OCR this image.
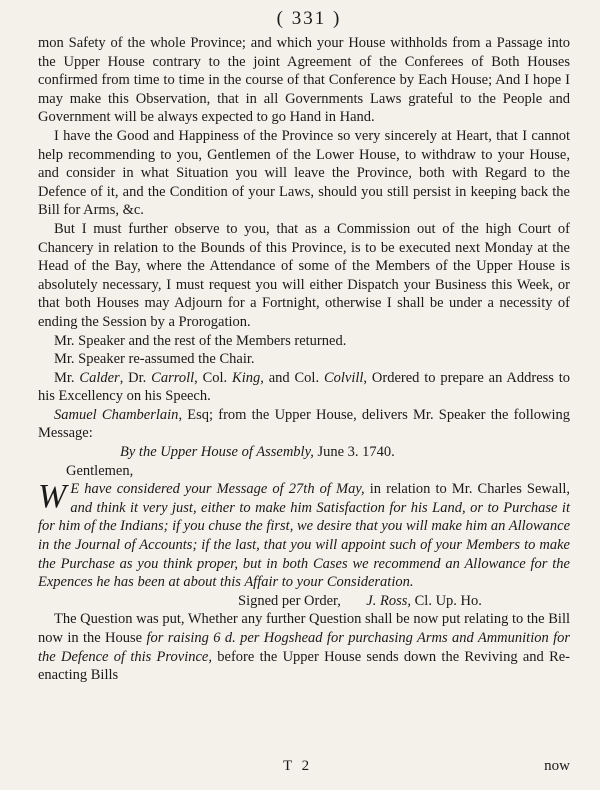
( 331 )

mon Safety of the whole Province; and which your House withholds from a Passage into the Upper House contrary to the joint Agreement of the Conferees of Both Houses confirmed from time to time in the course of that Conference by Each House; And I hope I may make this Observation, that in all Governments Laws grateful to the People and Government will be always expected to go Hand in Hand.

I have the Good and Happiness of the Province so very sincerely at Heart, that I cannot help recommending to you, Gentlemen of the Lower House, to withdraw to your House, and consider in what Situation you will leave the Province, both with Regard to the Defence of it, and the Condition of your Laws, should you still persist in keeping back the Bill for Arms, &c.

But I must further observe to you, that as a Commission out of the high Court of Chancery in relation to the Bounds of this Province, is to be executed next Monday at the Head of the Bay, where the Attendance of some of the Members of the Upper House is absolutely necessary, I must request you will either Dispatch your Business this Week, or that both Houses may Adjourn for a Fortnight, otherwise I shall be under a necessity of ending the Session by a Prorogation.

Mr. Speaker and the rest of the Members returned.

Mr. Speaker re-assumed the Chair.

Mr. Calder, Dr. Carroll, Col. King, and Col. Colvill, Ordered to prepare an Address to his Excellency on his Speech.

Samuel Chamberlain, Esq; from the Upper House, delivers Mr. Speaker the following Message:

By the Upper House of Assembly, June 3. 1740.

Gentlemen,

W E have considered your Message of 27th of May, in relation to Mr. Charles Sewall, and think it very just, either to make him Satisfaction for his Land, or to Purchase it for him of the Indians; if you chuse the first, we desire that you will make him an Allowance in the Journal of Accounts; if the last, that you will appoint such of your Members to make the Purchase as you think proper, but in both Cases we recommend an Allowance for the Expences he has been at about this Affair to your Consideration.

Signed per Order, J. Ross, Cl. Up. Ho.

The Question was put, Whether any further Question shall be now put relating to the Bill now in the House for raising 6 d. per Hogshead for purchasing Arms and Ammunition for the Defence of this Province, before the Upper House sends down the Reviving and Re-enacting Bills

T 2	now
